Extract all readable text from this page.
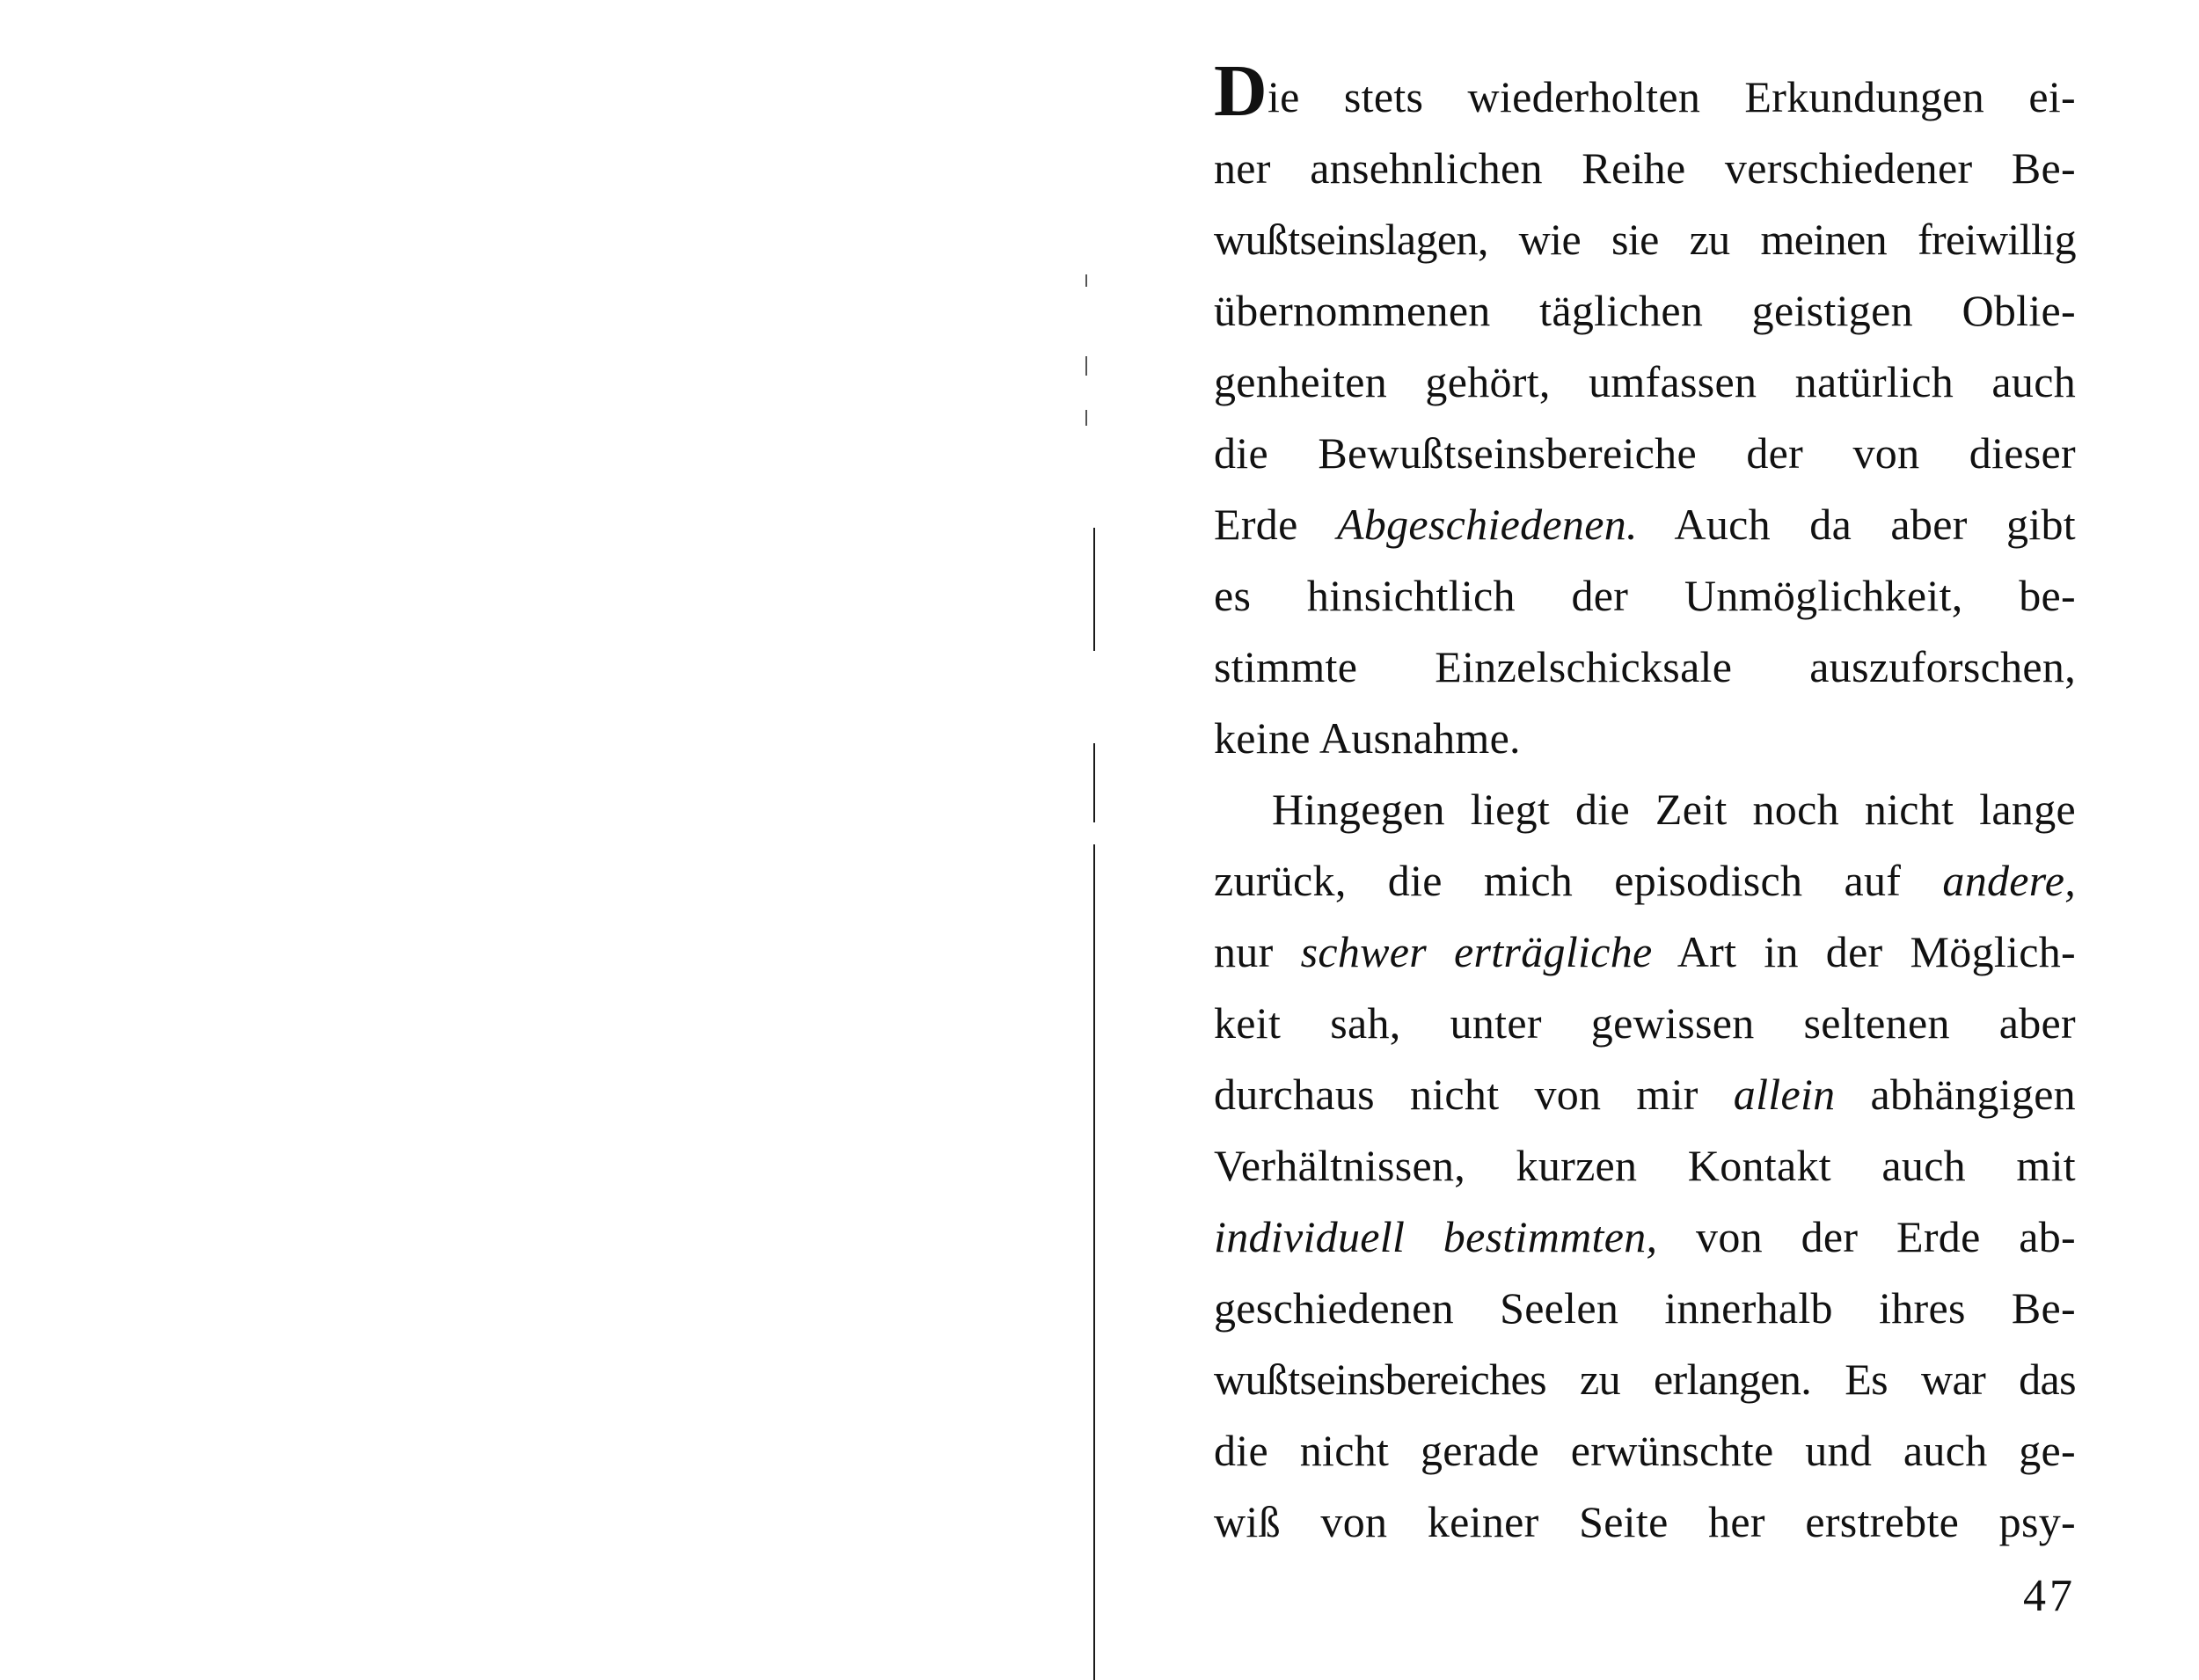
Die stets wiederholten Erkundungen ei-
ner ansehnlichen Reihe verschiedener Be-
wußtseinslagen, wie sie zu meinen freiwillig
übernommenen täglichen geistigen Oblie-
genheiten gehört, umfassen natürlich auch
die Bewußtseinsbereiche der von dieser
Erde Abgeschiedenen. Auch da aber gibt
es hinsichtlich der Unmöglichkeit, be-
stimmte Einzelschicksale auszuforschen,
keine Ausnahme.
Hingegen liegt die Zeit noch nicht lange
zurück, die mich episodisch auf andere,
nur schwer erträgliche Art in der Möglich-
keit sah, unter gewissen seltenen aber
durchaus nicht von mir allein abhängigen
Verhältnissen, kurzen Kontakt auch mit
individuell bestimmten, von der Erde ab-
geschiedenen Seelen innerhalb ihres Be-
wußtseinsbereiches zu erlangen. Es war das
die nicht gerade erwünschte und auch ge-
wiß von keiner Seite her erstrebte psy-
47
